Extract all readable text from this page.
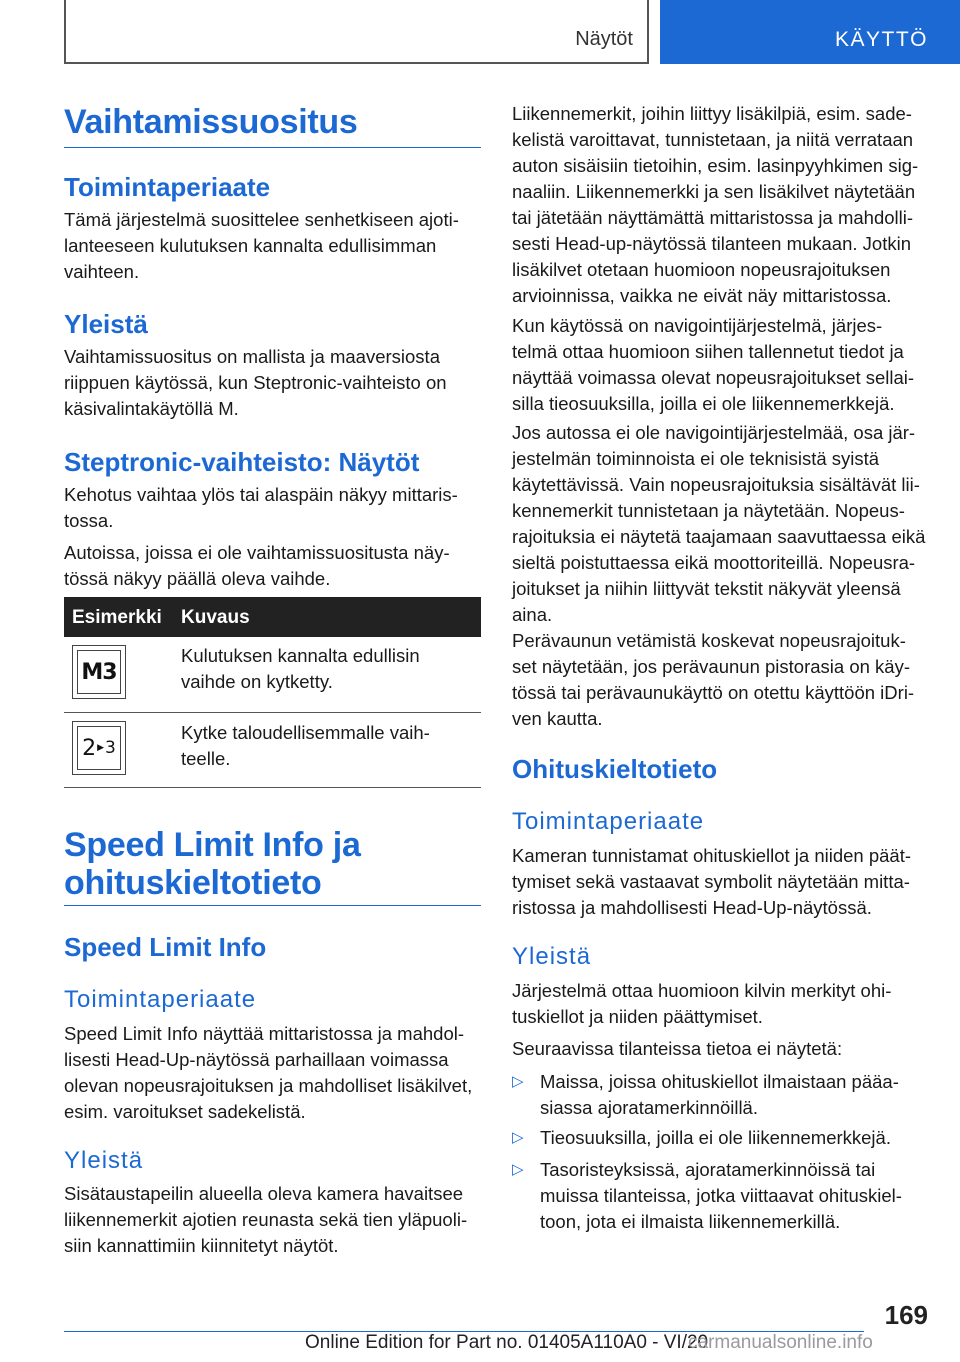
Näytöt	KÄYTTÖ
Vaihtamissuositus
Toimintaperiaate
Tämä järjestelmä suosittelee senhetkiseen ajoti-
lanteeseen kulutuksen kannalta edullisimman
vaihteen.
Yleistä
Vaihtamissuositus on mallista ja maaversiosta
riippuen käytössä, kun Steptronic-vaihteisto on
käsivalintakäytöllä M.
Steptronic-vaihteisto: Näytöt
Kehotus vaihtaa ylös tai alaspäin näkyy mittaris-
tossa.
Autoissa, joissa ei ole vaihtamissuositusta näy-
tössä näkyy päällä oleva vaihde.
Esimerkki Kuvaus
M3
Kulutuksen kannalta edullisin
vaihde on kytketty.
2 ▶ 3
Kytke taloudellisemmalle vaih-
teelle.
Speed Limit Info ja
ohituskieltotieto
Speed Limit Info
Toimintaperiaate
Speed Limit Info näyttää mittaristossa ja mahdol-
lisesti Head-Up-näytössä parhaillaan voimassa
olevan nopeusrajoituksen ja mahdolliset lisäkilvet,
esim. varoitukset sadekelistä.
Yleistä
Sisätaustapeilin alueella oleva kamera havaitsee
liikennemerkit ajotien reunasta sekä tien yläpuoli-
siin kannattimiin kiinnitetyt näytöt.
Liikennemerkit, joihin liittyy lisäkilpiä, esim. sade-
kelistä varoittavat, tunnistetaan, ja niitä verrataan
auton sisäisiin tietoihin, esim. lasinpyyhkimen sig-
naaliin. Liikennemerkki ja sen lisäkilvet näytetään
tai jätetään näyttämättä mittaristossa ja mahdolli-
sesti Head-up-näytössä tilanteen mukaan. Jotkin
lisäkilvet otetaan huomioon nopeusrajoituksen
arvioinnissa, vaikka ne eivät näy mittaristossa.
Kun käytössä on navigointijärjestelmä, järjes-
telmä ottaa huomioon siihen tallennetut tiedot ja
näyttää voimassa olevat nopeusrajoitukset sellai-
silla tieosuuksilla, joilla ei ole liikennemerkkejä.
Jos autossa ei ole navigointijärjestelmää, osa jär-
jestelmän toiminnoista ei ole teknisistä syistä
käytettävissä. Vain nopeusrajoituksia sisältävät lii-
kennemerkit tunnistetaan ja näytetään. Nopeus-
rajoituksia ei näytetä taajamaan saavuttaessa eikä
sieltä poistuttaessa eikä moottoriteillä. Nopeusra-
joitukset ja niihin liittyvät tekstit näkyvät yleensä
aina.
Perävaunun vetämistä koskevat nopeusrajoituk-
set näytetään, jos perävaunun pistorasia on käy-
tössä tai perävaunukäyttö on otettu käyttöön iDri-
ven kautta.
Ohituskieltotieto
Toimintaperiaate
Kameran tunnistamat ohituskiellot ja niiden päät-
tymiset sekä vastaavat symbolit näytetään mitta-
ristossa ja mahdollisesti Head-Up-näytössä.
Yleistä
Järjestelmä ottaa huomioon kilvin merkityt ohi-
tuskiellot ja niiden päättymiset.
Seuraavissa tilanteissa tietoa ei näytetä:
▷ Maissa, joissa ohituskiellot ilmaistaan pääa-
siassa ajoratamerkinnöillä.
▷ Tieosuuksilla, joilla ei ole liikennemerkkejä.
▷ Tasoristeyksissä, ajoratamerkinnöissä tai
muissa tilanteissa, jotka viittaavat ohituskiel-
toon, jota ei ilmaista liikennemerkillä.
169
Online Edition for Part no. 01405A110A0 - VI/20
carmanualsonline.info
